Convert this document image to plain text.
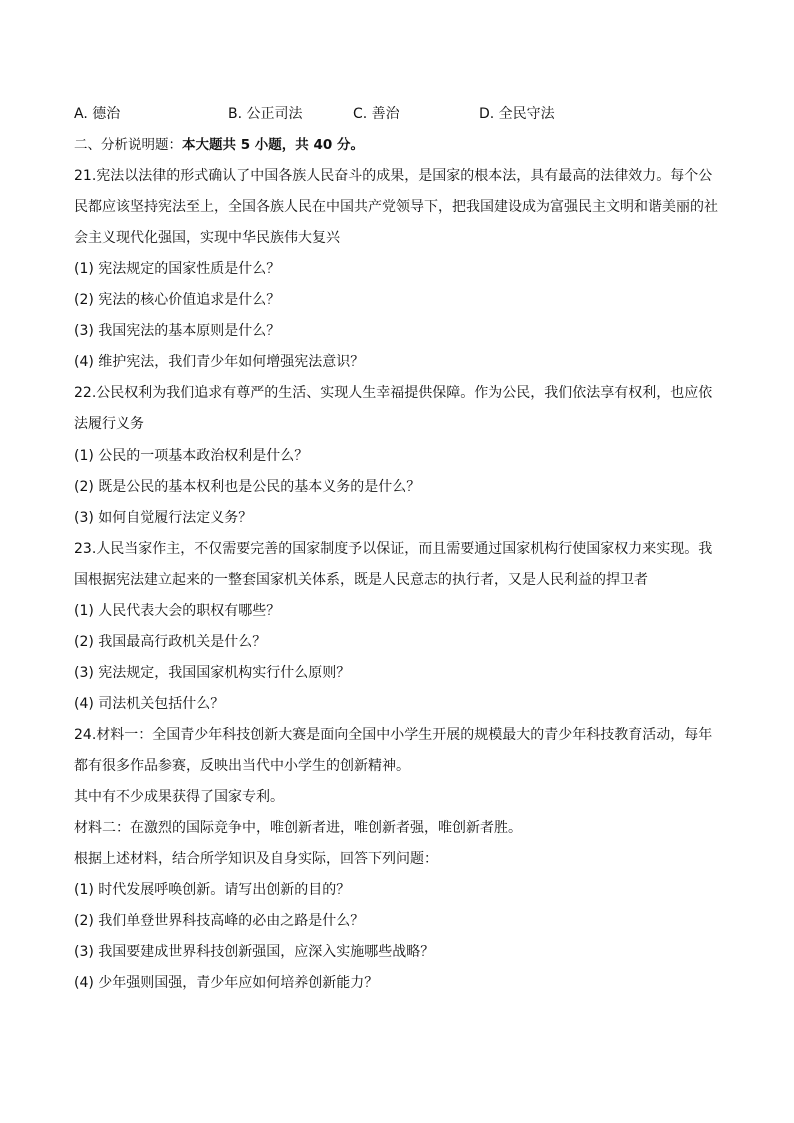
A. 德治	B. 公正司法	C. 善治	D. 全民守法
二、分析说明题：本大题共 5 小题，共 40 分。
21.宪法以法律的形式确认了中国各族人民奋斗的成果，是国家的根本法，具有最高的法律效力。每个公
民都应该坚持宪法至上，全国各族人民在中国共产党领导下，把我国建设成为富强民主文明和谐美丽的社
会主义现代化强国，实现中华民族伟大复兴
(1) 宪法规定的国家性质是什么？
(2) 宪法的核心价值追求是什么？
(3) 我国宪法的基本原则是什么？
(4) 维护宪法，我们青少年如何增强宪法意识？
22.公民权利为我们追求有尊严的生活、实现人生幸福提供保障。作为公民，我们依法享有权利，也应依
法履行义务
(1) 公民的一项基本政治权利是什么？
(2) 既是公民的基本权利也是公民的基本义务的是什么？
(3) 如何自觉履行法定义务？
23.人民当家作主，不仅需要完善的国家制度予以保证，而且需要通过国家机构行使国家权力来实现。我
国根据宪法建立起来的一整套国家机关体系，既是人民意志的执行者，又是人民利益的捍卫者
(1) 人民代表大会的职权有哪些？
(2) 我国最高行政机关是什么？
(3) 宪法规定，我国国家机构实行什么原则？
(4) 司法机关包括什么？
24.材料一：全国青少年科技创新大赛是面向全国中小学生开展的规模最大的青少年科技教育活动，每年
都有很多作品参赛，反映出当代中小学生的创新精神。
其中有不少成果获得了国家专利。
材料二：在激烈的国际竞争中，唯创新者进，唯创新者强，唯创新者胜。
根据上述材料，结合所学知识及自身实际，回答下列问题：
(1) 时代发展呼唤创新。请写出创新的目的？
(2) 我们单登世界科技高峰的必由之路是什么？
(3) 我国要建成世界科技创新强国，应深入实施哪些战略？
(4) 少年强则国强，青少年应如何培养创新能力？
